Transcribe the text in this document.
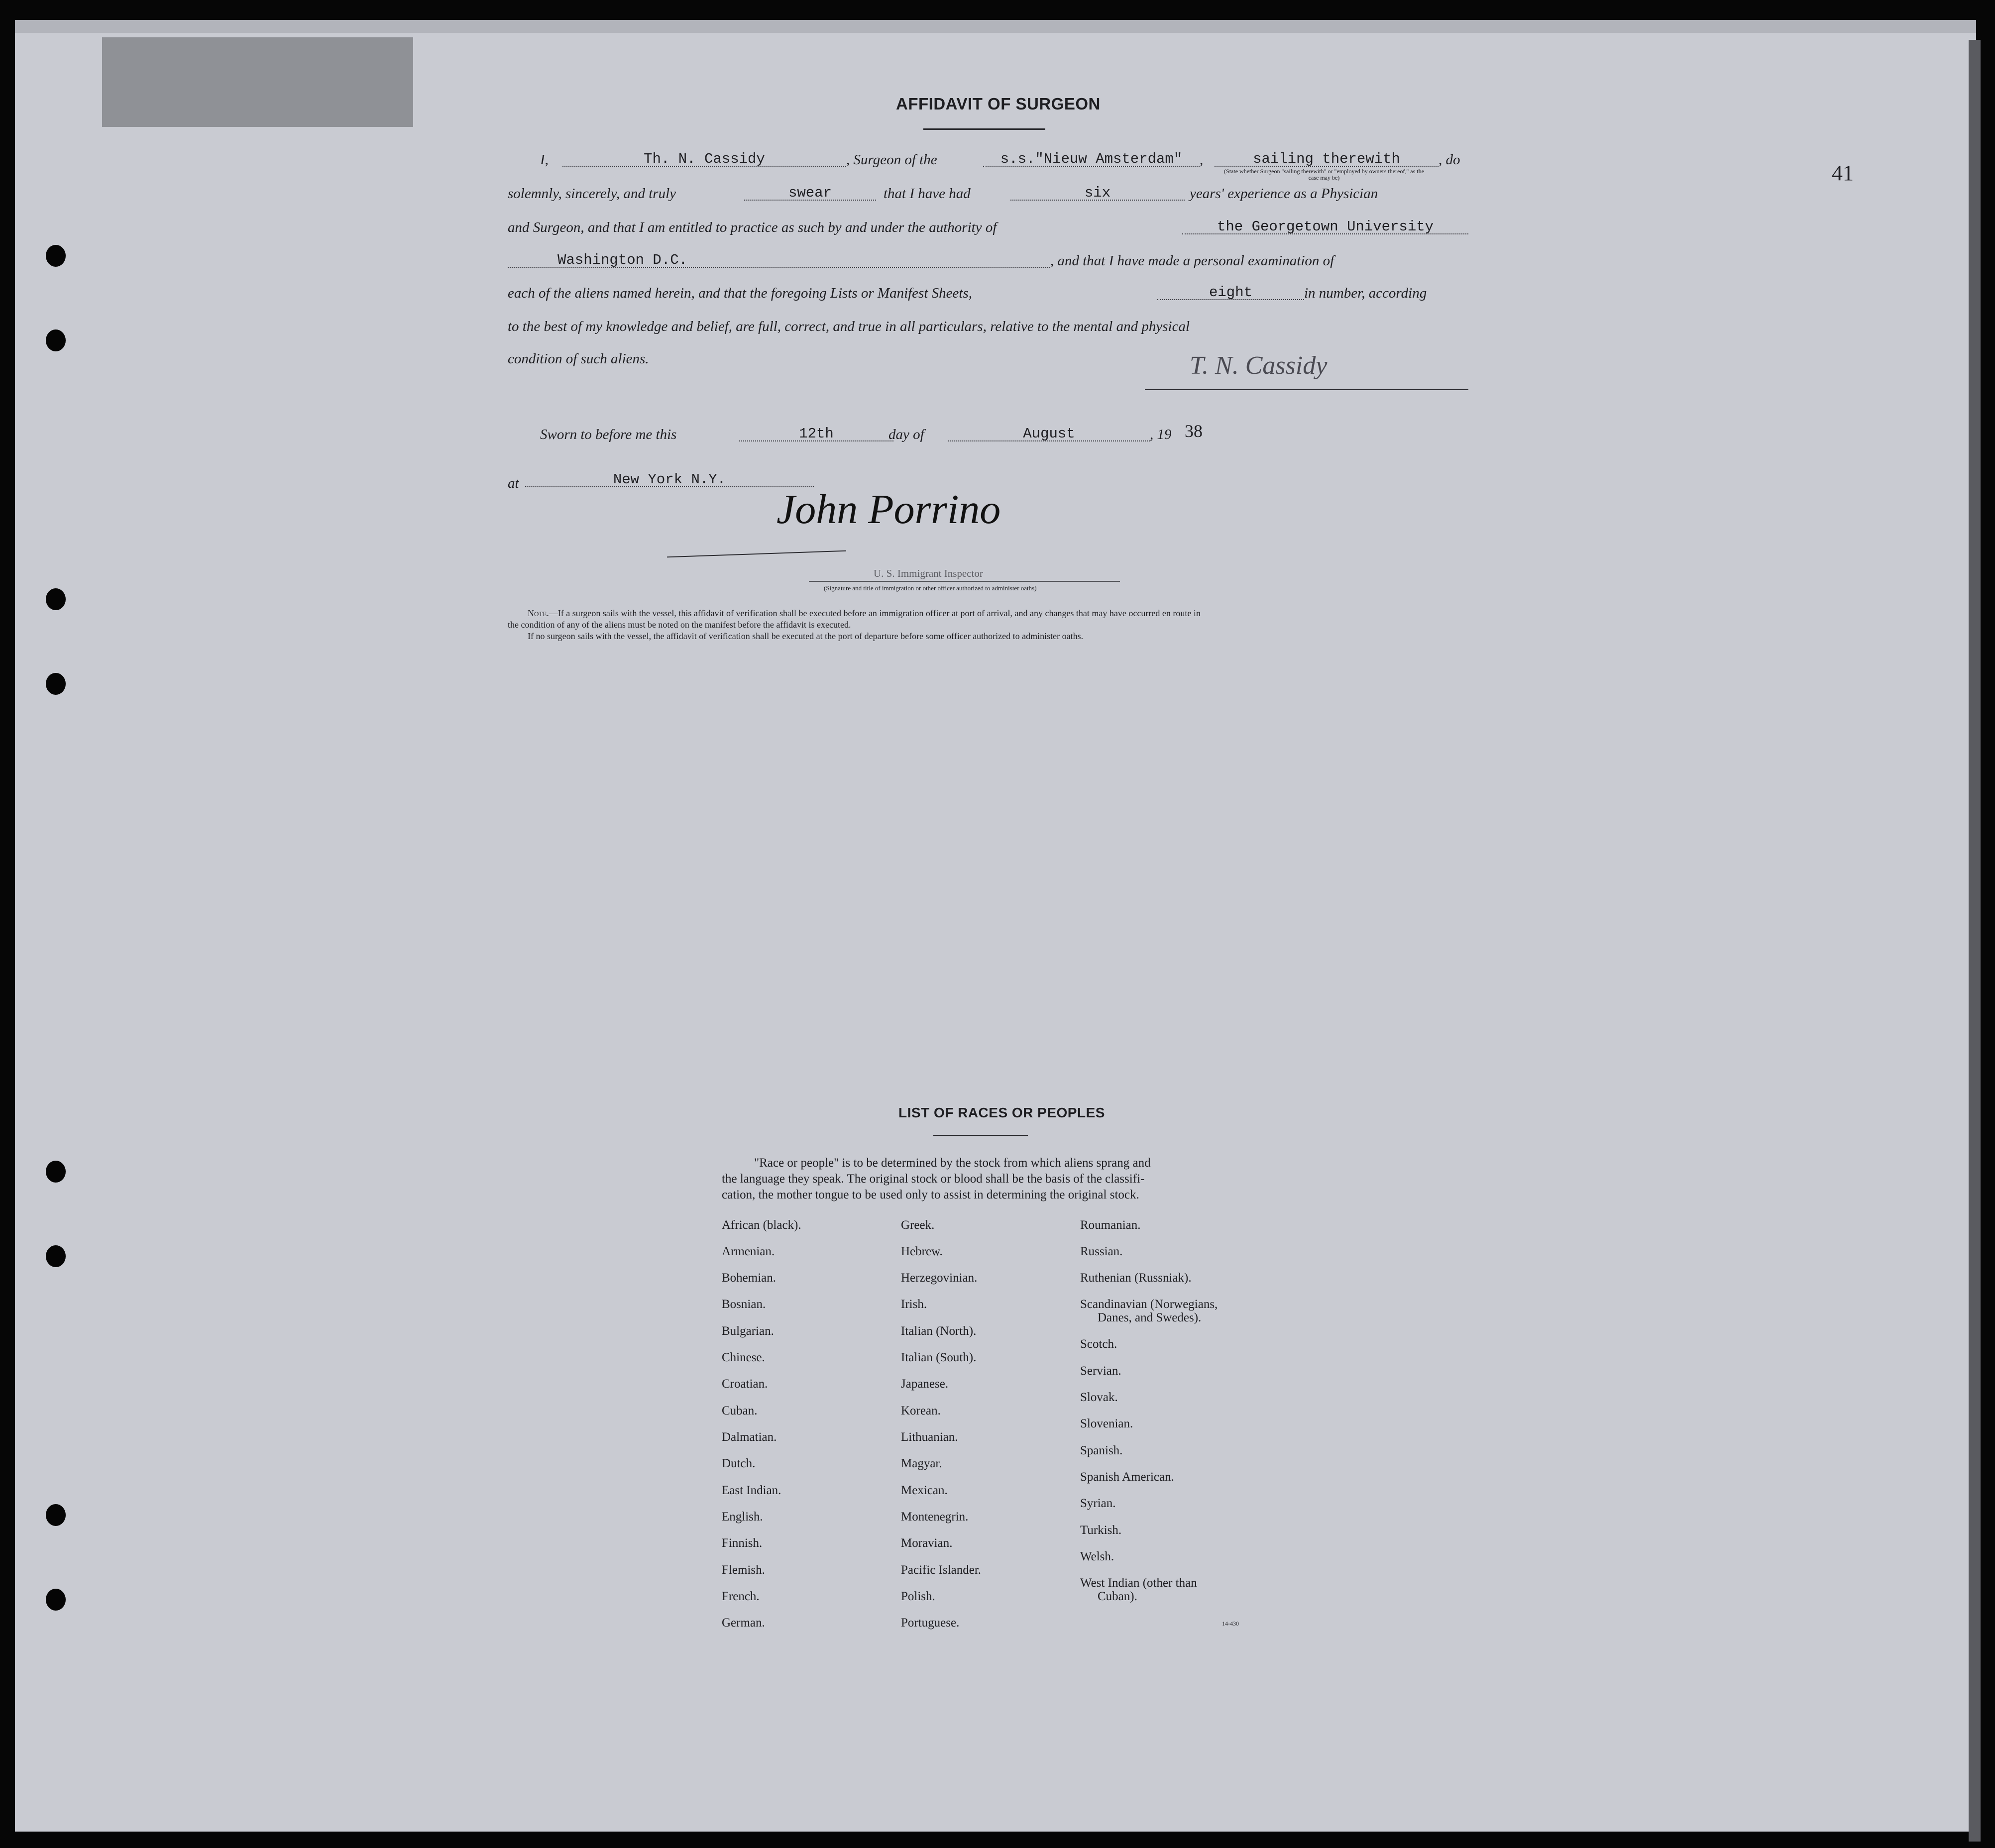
41
AFFIDAVIT OF SURGEON
I,	Th. N. Cassidy	, Surgeon of the	s.s."Nieuw Amsterdam"	,	sailing therewith	, do
(State whether Surgeon "sailing therewith" or "employed by owners thereof," as the case may be)
solemnly, sincerely, and truly	swear	that I have had	six	years' experience as a Physician
and Surgeon, and that I am entitled to practice as such by and under the authority of	the Georgetown University
Washington D.C.	, and that I have made a personal examination of
each of the aliens named herein, and that the foregoing Lists or Manifest Sheets,	eight	in number, according
to the best of my knowledge and belief, are full, correct, and true in all particulars, relative to the mental and physical
condition of such aliens.	T. N. Cassidy
Sworn to before me this	12th	day of	August	, 19 38
at	New York N.Y.
John Porrino
U. S. Immigrant Inspector
(Signature and title of immigration or other officer authorized to administer oaths)
Note.—If a surgeon sails with the vessel, this affidavit of verification shall be executed before an immigration officer at port of arrival, and any changes that may have occurred en route in
the condition of any of the aliens must be noted on the manifest before the affidavit is executed.
If no surgeon sails with the vessel, the affidavit of verification shall be executed at the port of departure before some officer authorized to administer oaths.
LIST OF RACES OR PEOPLES
"Race or people" is to be determined by the stock from which aliens sprang and
the language they speak. The original stock or blood shall be the basis of the classifi-
cation, the mother tongue to be used only to assist in determining the original stock.
African (black).
Armenian.
Bohemian.
Bosnian.
Bulgarian.
Chinese.
Croatian.
Cuban.
Dalmatian.
Dutch.
East Indian.
English.
Finnish.
Flemish.
French.
German.
Greek.
Hebrew.
Herzegovinian.
Irish.
Italian (North).
Italian (South).
Japanese.
Korean.
Lithuanian.
Magyar.
Mexican.
Montenegrin.
Moravian.
Pacific Islander.
Polish.
Portuguese.
Roumanian.
Russian.
Ruthenian (Russniak).
Scandinavian (Norwegians,
Danes, and Swedes).
Scotch.
Servian.
Slovak.
Slovenian.
Spanish.
Spanish American.
Syrian.
Turkish.
Welsh.
West Indian (other than
Cuban).
14-430
